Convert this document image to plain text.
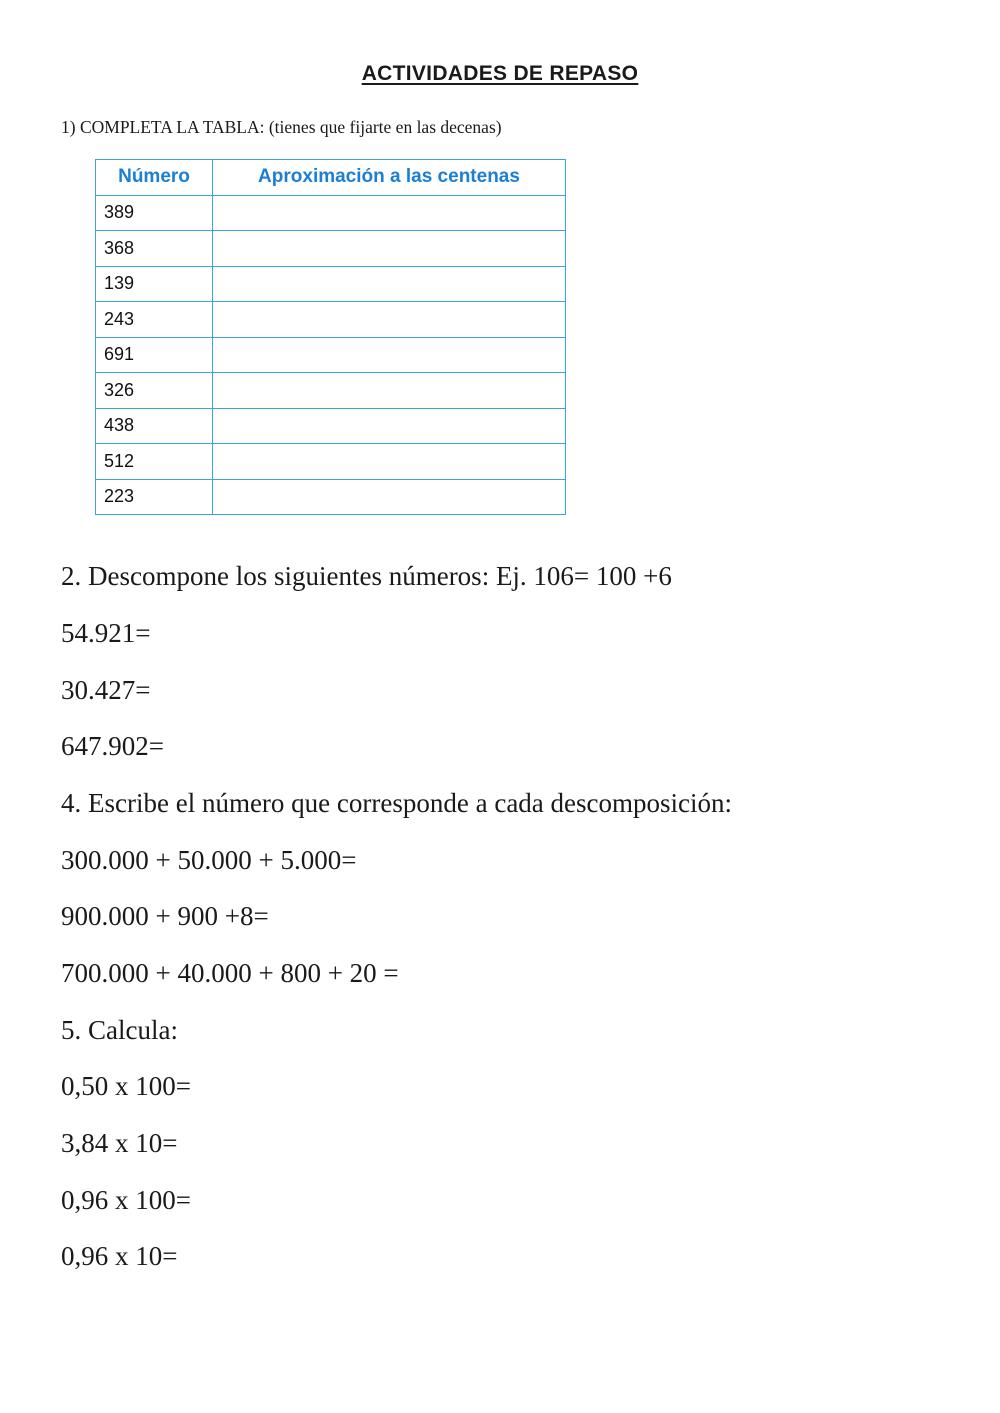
ACTIVIDADES DE REPASO
1) COMPLETA LA TABLA: (tienes que fijarte en las decenas)
Número	Aproximación a las centenas
389	
368	
139	
243	
691	
326	
438	
512	
223	
2. Descompone los siguientes números: Ej. 106= 100 +6
54.921=
30.427=
647.902=
4. Escribe el número que corresponde a cada descomposición:
300.000 + 50.000 + 5.000=
900.000 + 900 +8=
700.000 + 40.000 + 800 + 20 =
5. Calcula:
0,50 x 100=
3,84 x 10=
0,96 x 100=
0,96 x 10=
